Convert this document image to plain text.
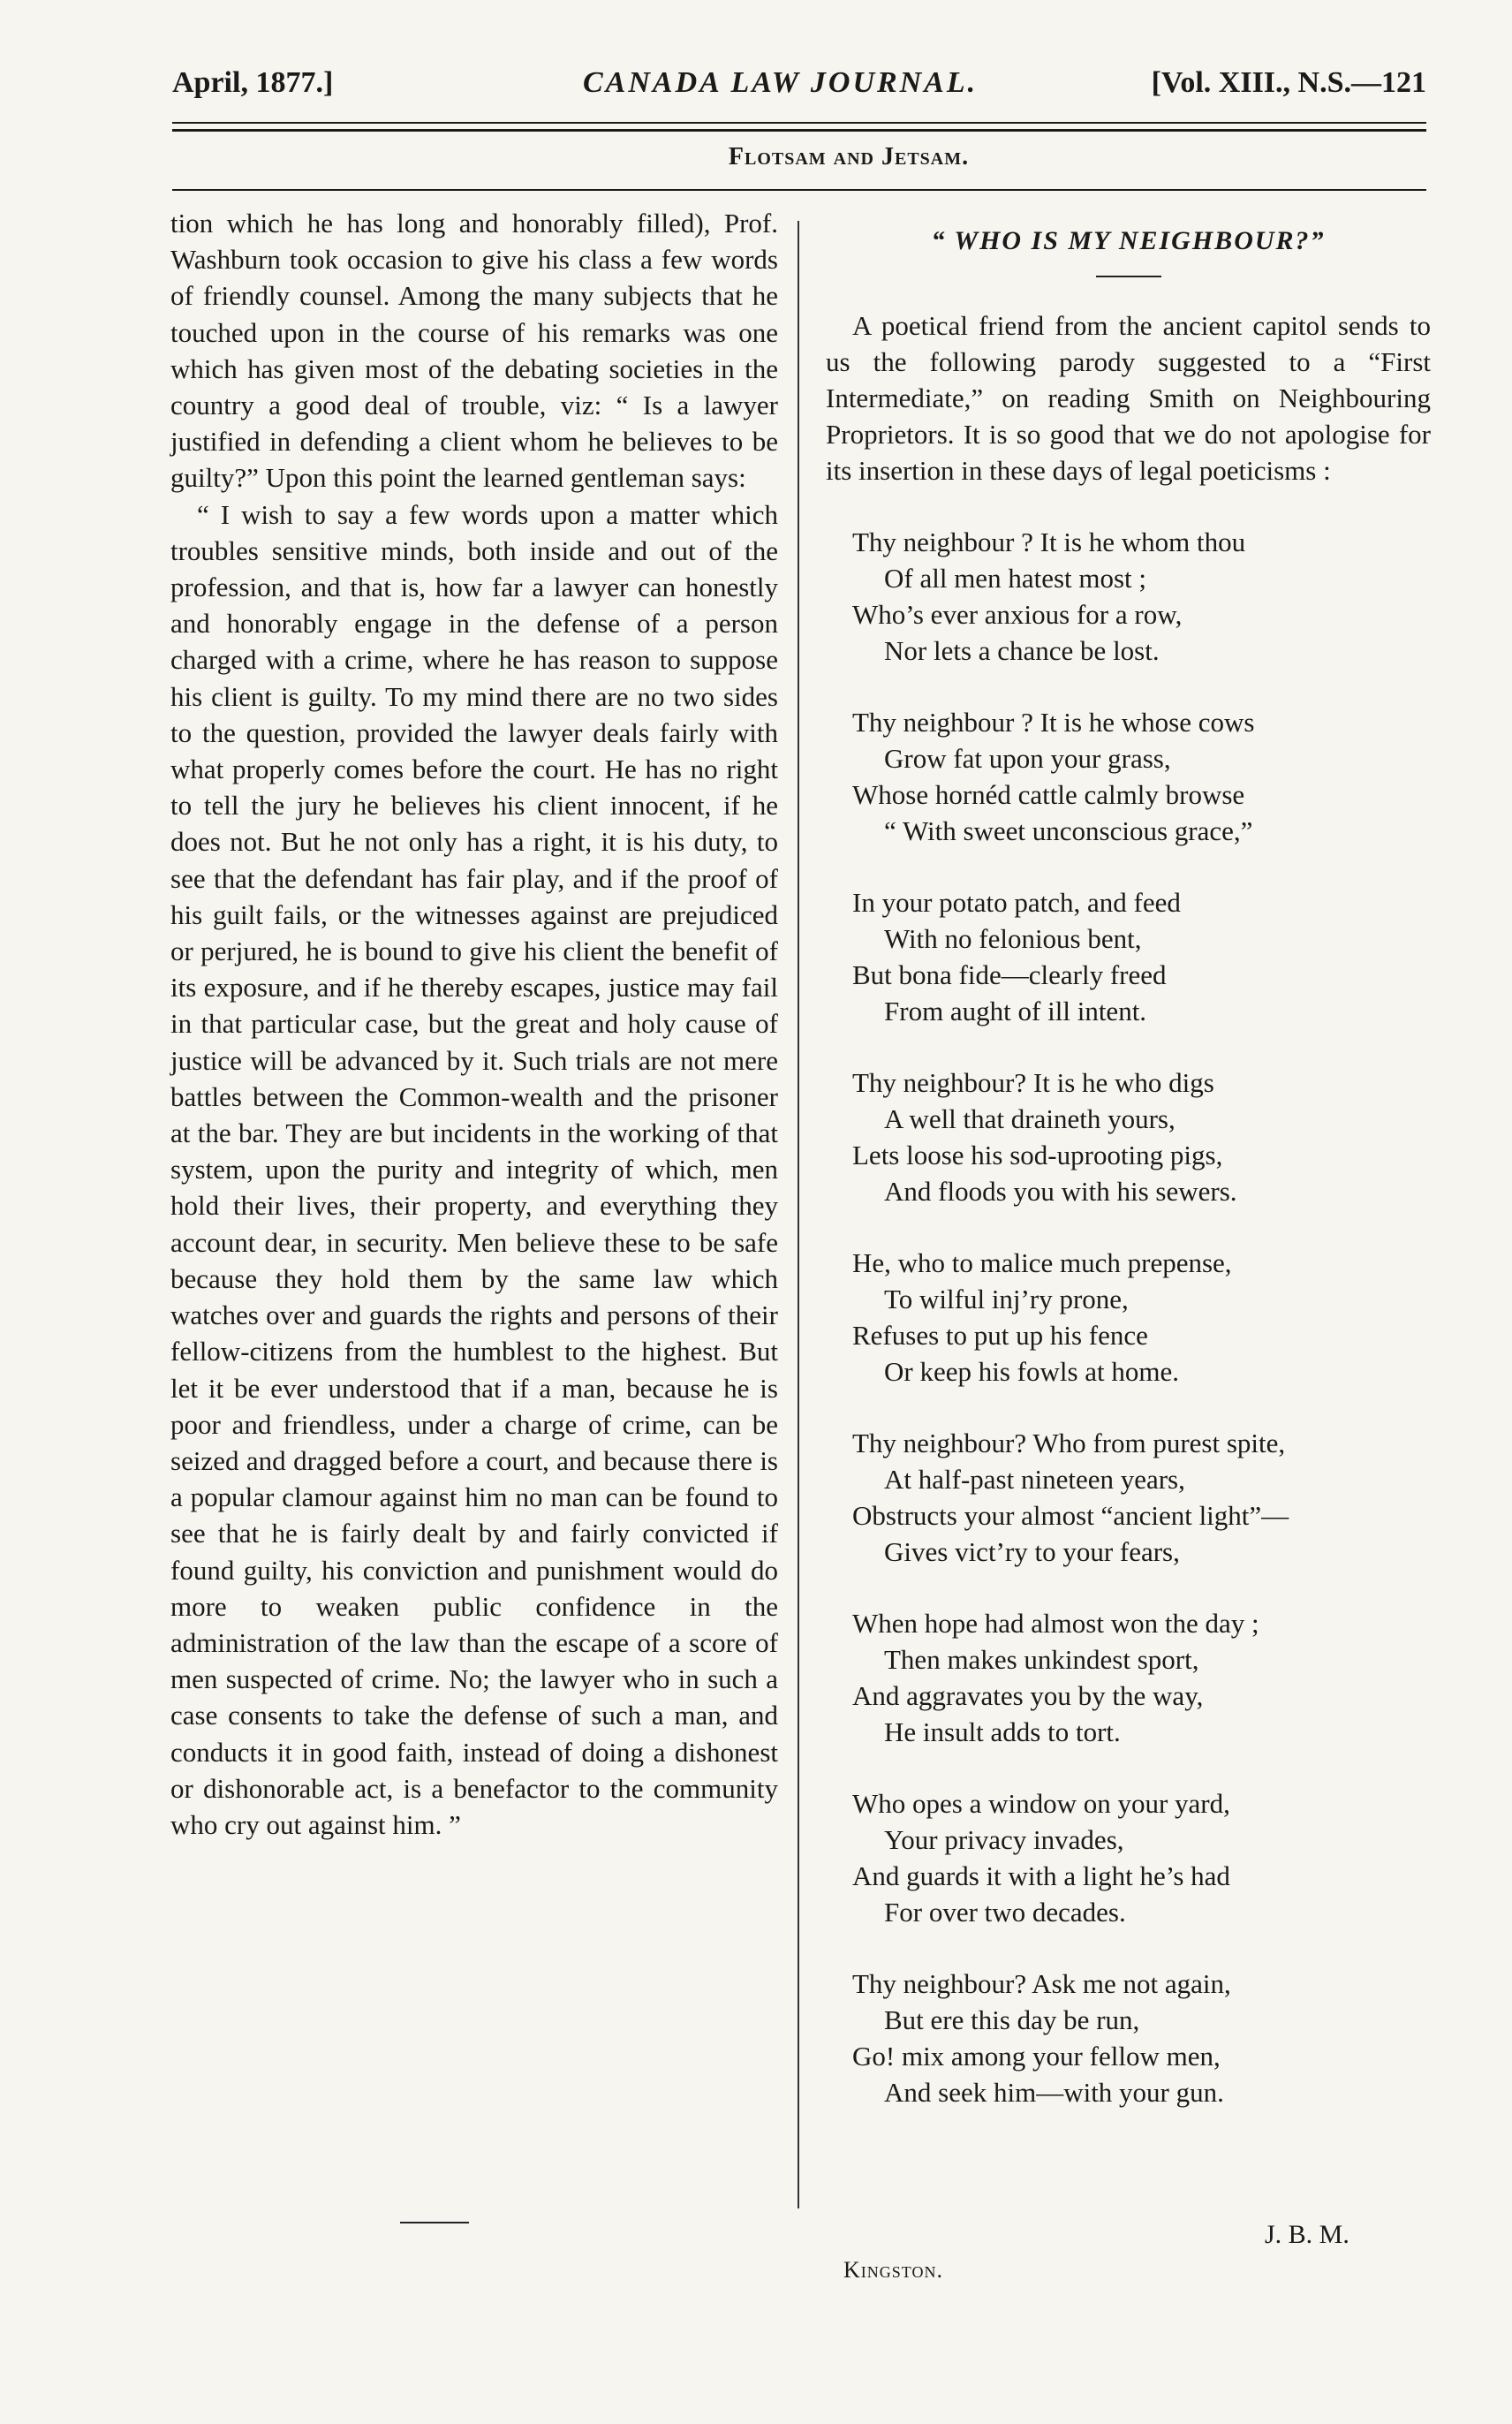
April, 1877.]	CANADA LAW JOURNAL.	[Vol. XIII., N.S.—121
Flotsam and Jetsam.

tion which he has long and honorably filled), Prof. Washburn took occasion to give his class a few words of friendly counsel. Among the many subjects that he touched upon in the course of his remarks was one which has given most of the debating societies in the country a good deal of trouble, viz: “ Is a lawyer justified in defending a client whom he believes to be guilty?” Upon this point the learned gentleman says:

“ I wish to say a few words upon a matter which troubles sensitive minds, both inside and out of the profession, and that is, how far a lawyer can honestly and honorably engage in the defense of a person charged with a crime, where he has reason to suppose his client is guilty. To my mind there are no two sides to the question, provided the lawyer deals fairly with what properly comes before the court. He has no right to tell the jury he believes his client innocent, if he does not. But he not only has a right, it is his duty, to see that the defendant has fair play, and if the proof of his guilt fails, or the witnesses against are prejudiced or perjured, he is bound to give his client the benefit of its exposure, and if he thereby escapes, justice may fail in that particular case, but the great and holy cause of justice will be advanced by it. Such trials are not mere battles between the Common-wealth and the prisoner at the bar. They are but incidents in the working of that system, upon the purity and integrity of which, men hold their lives, their property, and everything they account dear, in security. Men believe these to be safe because they hold them by the same law which watches over and guards the rights and persons of their fellow-citizens from the humblest to the highest. But let it be ever understood that if a man, because he is poor and friendless, under a charge of crime, can be seized and dragged before a court, and because there is a popular clamour against him no man can be found to see that he is fairly dealt by and fairly convicted if found guilty, his conviction and punishment would do more to weaken public confidence in the administration of the law than the escape of a score of men suspected of crime. No; the lawyer who in such a case consents to take the defense of such a man, and conducts it in good faith, instead of doing a dishonest or dishonorable act, is a benefactor to the community who cry out against him. ”

“ WHO IS MY NEIGHBOUR?”
A poetical friend from the ancient capitol sends to us the following parody suggested to a “First Intermediate,” on reading Smith on Neighbouring Proprietors. It is so good that we do not apologise for its insertion in these days of legal poeticisms :
Thy neighbour ? It is he whom thou
Of all men hatest most ;
Who’s ever anxious for a row,
Nor lets a chance be lost.
Thy neighbour ? It is he whose cows
Grow fat upon your grass,
Whose hornéd cattle calmly browse
“ With sweet unconscious grace,”
In your potato patch, and feed
With no felonious bent,
But bona fide—clearly freed
From aught of ill intent.
Thy neighbour? It is he who digs
A well that draineth yours,
Lets loose his sod-uprooting pigs,
And floods you with his sewers.
He, who to malice much prepense,
To wilful inj’ry prone,
Refuses to put up his fence
Or keep his fowls at home.
Thy neighbour? Who from purest spite,
At half-past nineteen years,
Obstructs your almost “ancient light”—
Gives vict’ry to your fears,
When hope had almost won the day ;
Then makes unkindest sport,
And aggravates you by the way,
He insult adds to tort.
Who opes a window on your yard,
Your privacy invades,
And guards it with a light he’s had
For over two decades.
Thy neighbour? Ask me not again,
But ere this day be run,
Go! mix among your fellow men,
And seek him—with your gun.
J. B. M.
Kingston.
